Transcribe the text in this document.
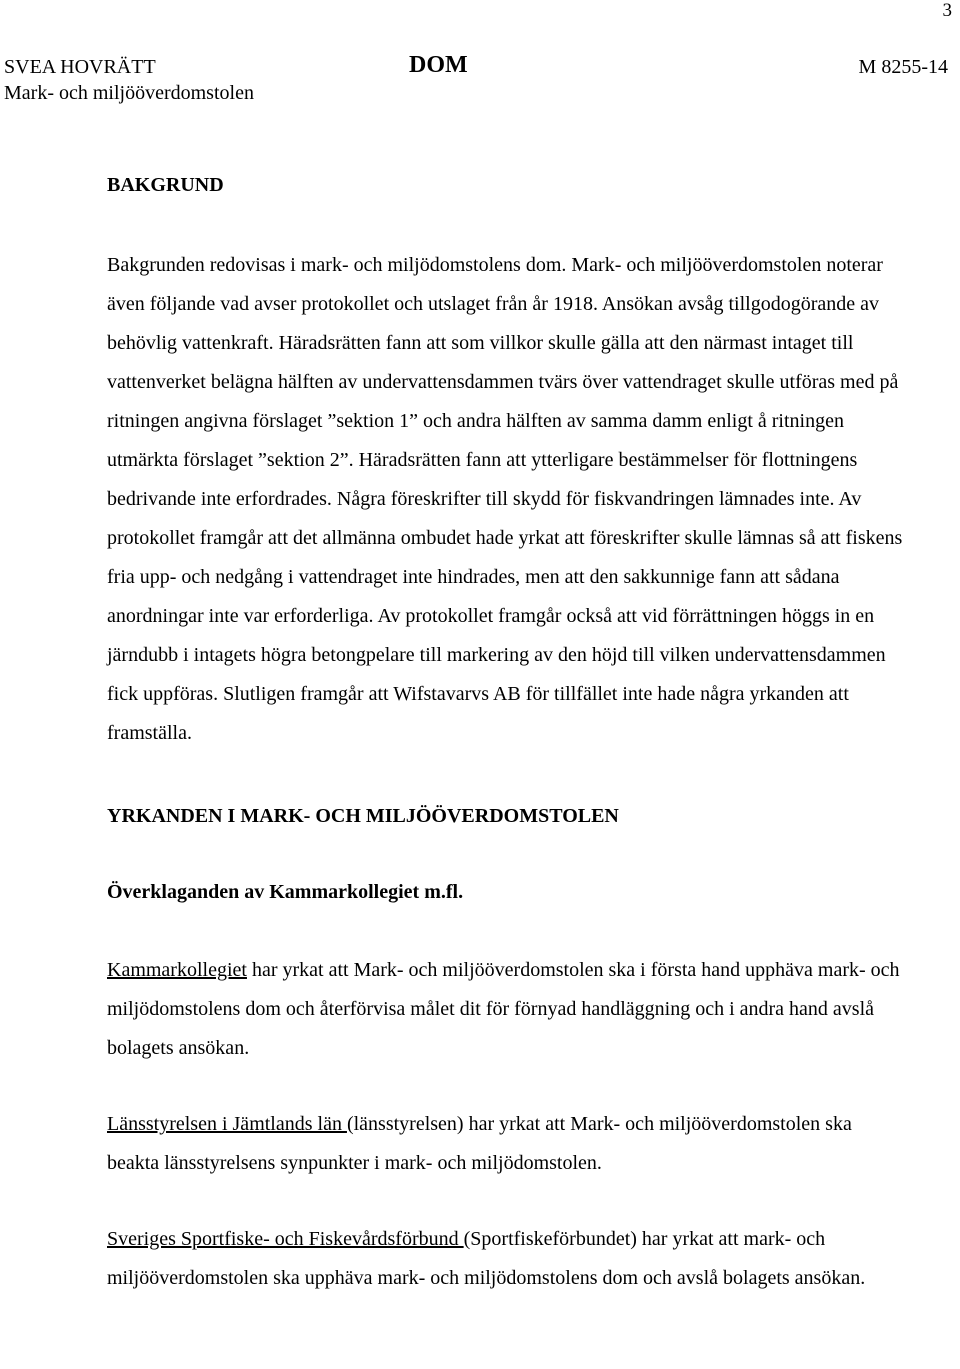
3
SVEA HOVRÄTT
Mark- och miljööverdomstolen
DOM	M 8255-14

BAKGRUND

Bakgrunden redovisas i mark- och miljödomstolens dom. Mark- och miljööverdomstolen noterar även följande vad avser protokollet och utslaget från år 1918. Ansökan avsåg tillgodogörande av behövlig vattenkraft. Häradsrätten fann att som villkor skulle gälla att den närmast intaget till vattenverket belägna hälften av undervattensdammen tvärs över vattendraget skulle utföras med på ritningen angivna förslaget ”sektion 1” och andra hälften av samma damm enligt å ritningen utmärkta förslaget ”sektion 2”. Häradsrätten fann att ytterligare bestämmelser för flottningens bedrivande inte erfordrades. Några föreskrifter till skydd för fiskvandringen lämnades inte. Av protokollet framgår att det allmänna ombudet hade yrkat att föreskrifter skulle lämnas så att fiskens fria upp- och nedgång i vattendraget inte hindrades, men att den sakkunnige fann att sådana anordningar inte var erforderliga. Av protokollet framgår också att vid förrättningen höggs in en järndubb i intagets högra betongpelare till markering av den höjd till vilken undervattensdammen fick uppföras. Slutligen framgår att Wifstavarvs AB för tillfället inte hade några yrkanden att framställa.

YRKANDEN I MARK- OCH MILJÖÖVERDOMSTOLEN

Överklaganden av Kammarkollegiet m.fl.

Kammarkollegiet har yrkat att Mark- och miljööverdomstolen ska i första hand upphäva mark- och miljödomstolens dom och återförvisa målet dit för förnyad handläggning och i andra hand avslå bolagets ansökan.

Länsstyrelsen i Jämtlands län (länsstyrelsen) har yrkat att Mark- och miljööverdomstolen ska beakta länsstyrelsens synpunkter i mark- och miljödomstolen.

Sveriges Sportfiske- och Fiskevårdsförbund (Sportfiskeförbundet) har yrkat att mark- och miljööverdomstolen ska upphäva mark- och miljödomstolens dom och avslå bolagets ansökan.
